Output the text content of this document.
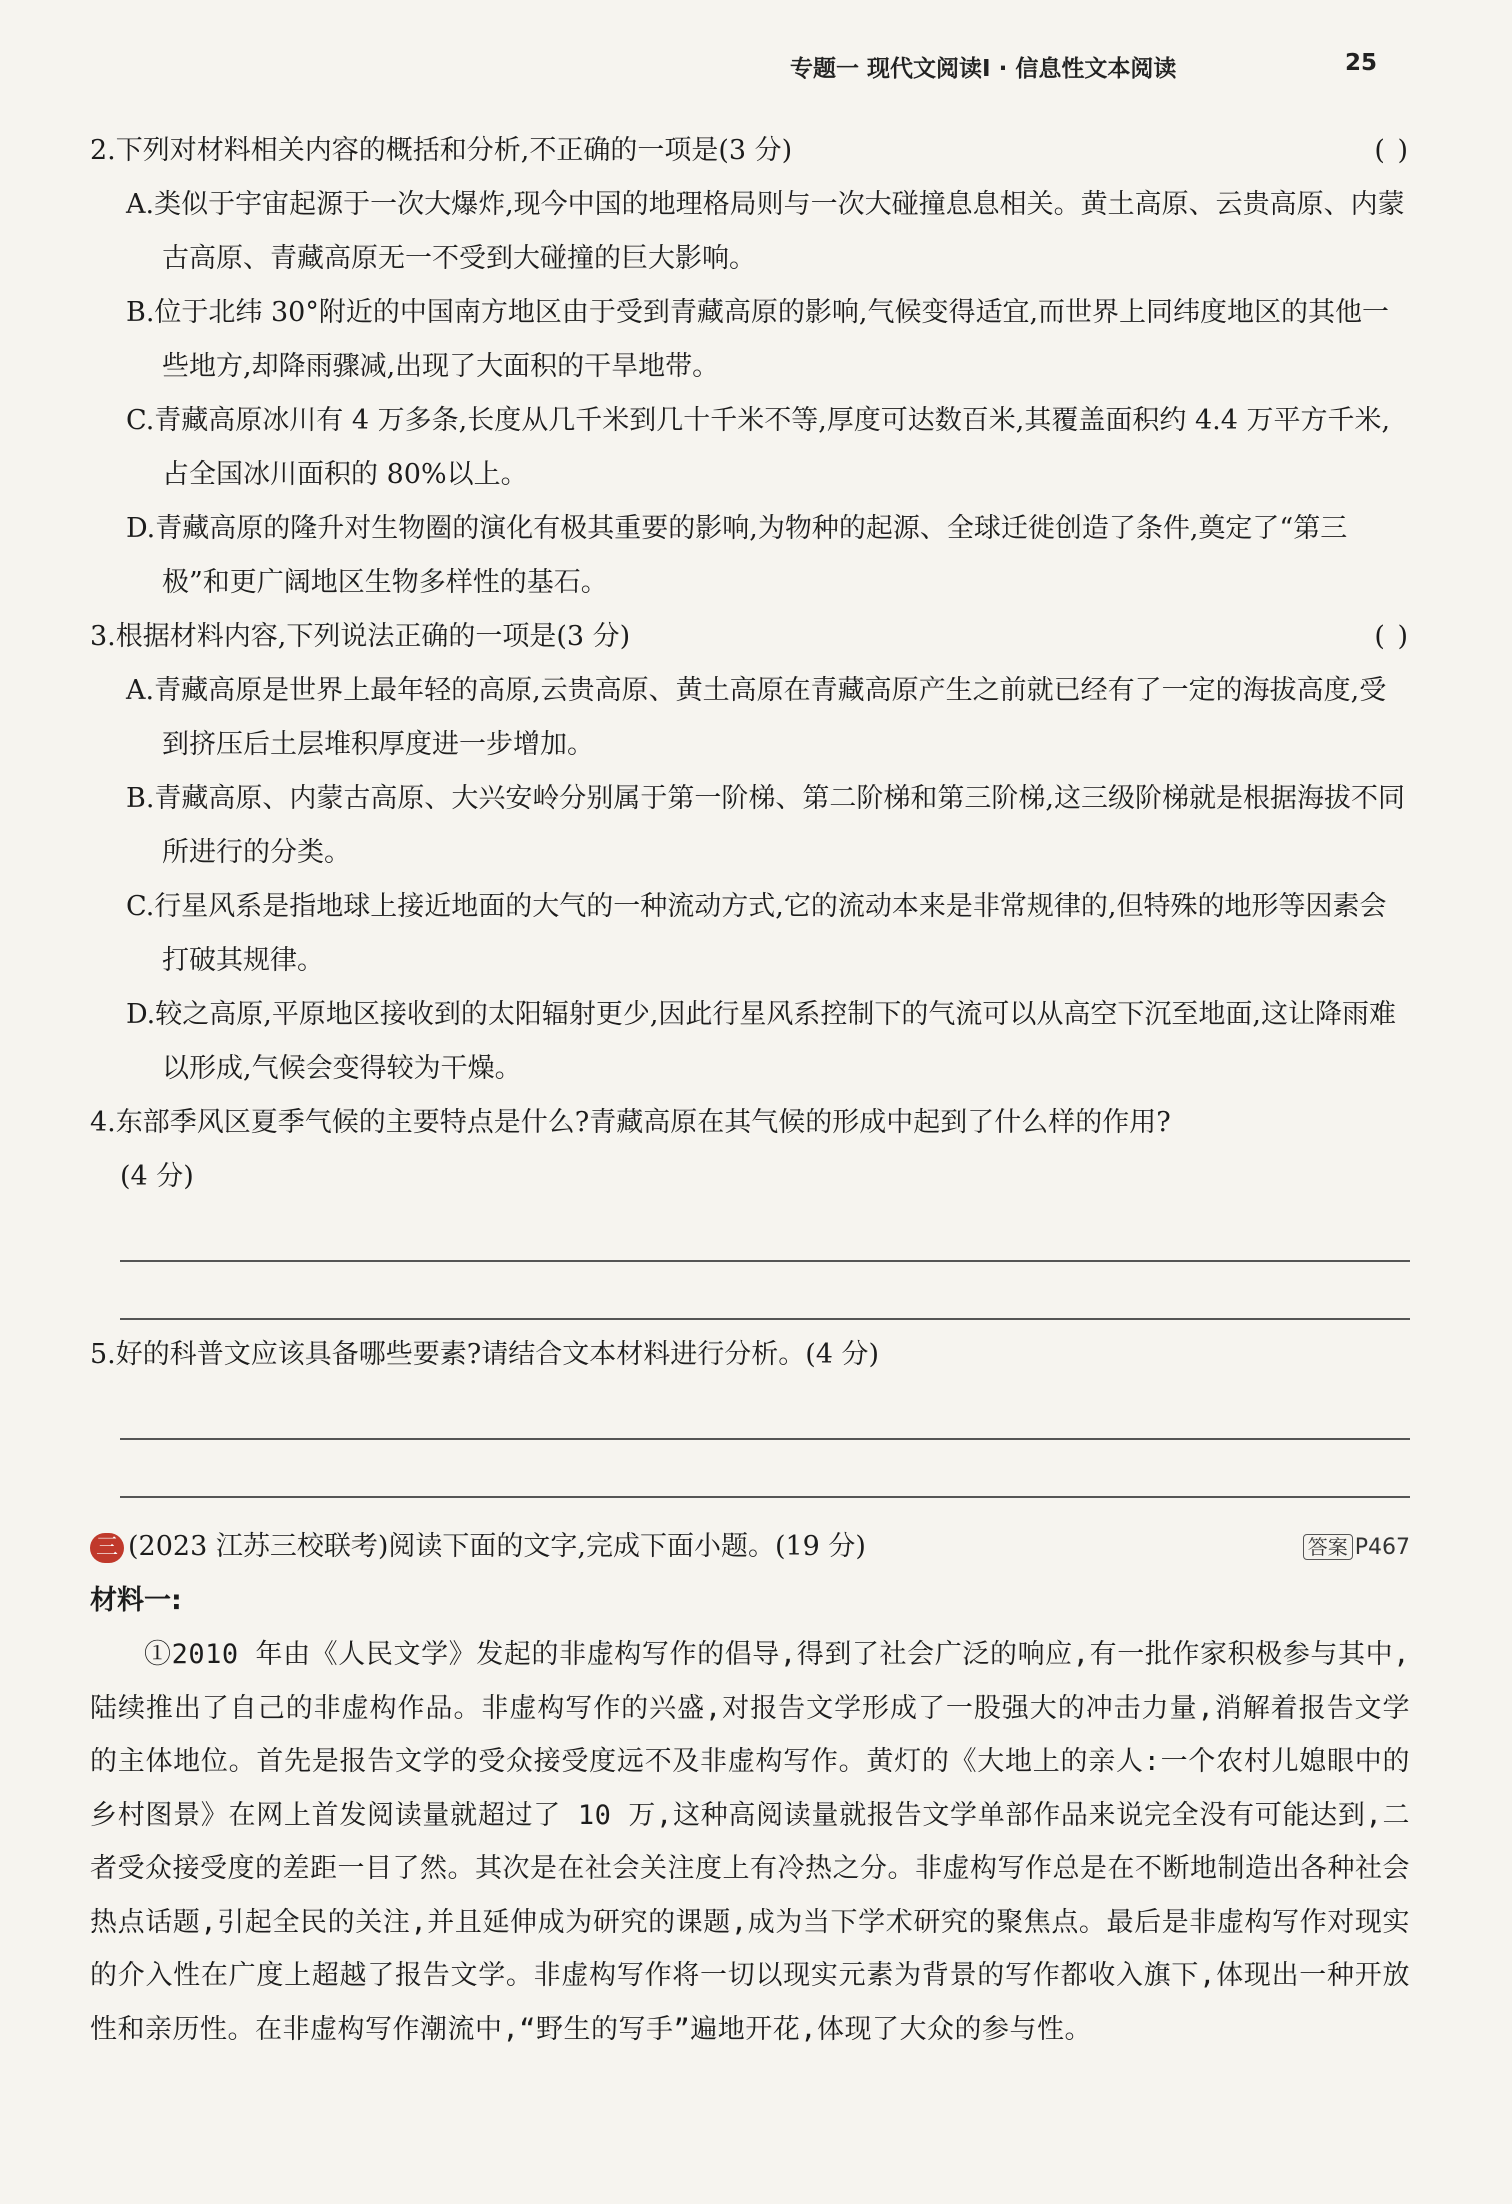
专题一 现代文阅读Ⅰ · 信息性文本阅读	25
2.下列对材料相关内容的概括和分析,不正确的一项是(3 分)	( )
A.类似于宇宙起源于一次大爆炸,现今中国的地理格局则与一次大碰撞息息相关。黄土高原、云贵高原、内蒙古高原、青藏高原无一不受到大碰撞的巨大影响。
B.位于北纬 30°附近的中国南方地区由于受到青藏高原的影响,气候变得适宜,而世界上同纬度地区的其他一些地方,却降雨骤减,出现了大面积的干旱地带。
C.青藏高原冰川有 4 万多条,长度从几千米到几十千米不等,厚度可达数百米,其覆盖面积约 4.4 万平方千米,占全国冰川面积的 80%以上。
D.青藏高原的隆升对生物圈的演化有极其重要的影响,为物种的起源、全球迁徙创造了条件,奠定了“第三极”和更广阔地区生物多样性的基石。
3.根据材料内容,下列说法正确的一项是(3 分)	( )
A.青藏高原是世界上最年轻的高原,云贵高原、黄土高原在青藏高原产生之前就已经有了一定的海拔高度,受到挤压后土层堆积厚度进一步增加。
B.青藏高原、内蒙古高原、大兴安岭分别属于第一阶梯、第二阶梯和第三阶梯,这三级阶梯就是根据海拔不同所进行的分类。
C.行星风系是指地球上接近地面的大气的一种流动方式,它的流动本来是非常规律的,但特殊的地形等因素会打破其规律。
D.较之高原,平原地区接收到的太阳辐射更少,因此行星风系控制下的气流可以从高空下沉至地面,这让降雨难以形成,气候会变得较为干燥。
4.东部季风区夏季气候的主要特点是什么?青藏高原在其气候的形成中起到了什么样的作用?
(4 分)
5.好的科普文应该具备哪些要素?请结合文本材料进行分析。(4 分)
三 (2023 江苏三校联考)阅读下面的文字,完成下面小题。(19 分)	答案 P467
材料一:
①2010 年由《人民文学》发起的非虚构写作的倡导,得到了社会广泛的响应,有一批作家积极参与其中,陆续推出了自己的非虚构作品。非虚构写作的兴盛,对报告文学形成了一股强大的冲击力量,消解着报告文学的主体地位。首先是报告文学的受众接受度远不及非虚构写作。黄灯的《大地上的亲人:一个农村儿媳眼中的乡村图景》在网上首发阅读量就超过了 10 万,这种高阅读量就报告文学单部作品来说完全没有可能达到,二者受众接受度的差距一目了然。其次是在社会关注度上有冷热之分。非虚构写作总是在不断地制造出各种社会热点话题,引起全民的关注,并且延伸成为研究的课题,成为当下学术研究的聚焦点。最后是非虚构写作对现实的介入性在广度上超越了报告文学。非虚构写作将一切以现实元素为背景的写作都收入旗下,体现出一种开放性和亲历性。在非虚构写作潮流中,“野生的写手”遍地开花,体现了大众的参与性。
